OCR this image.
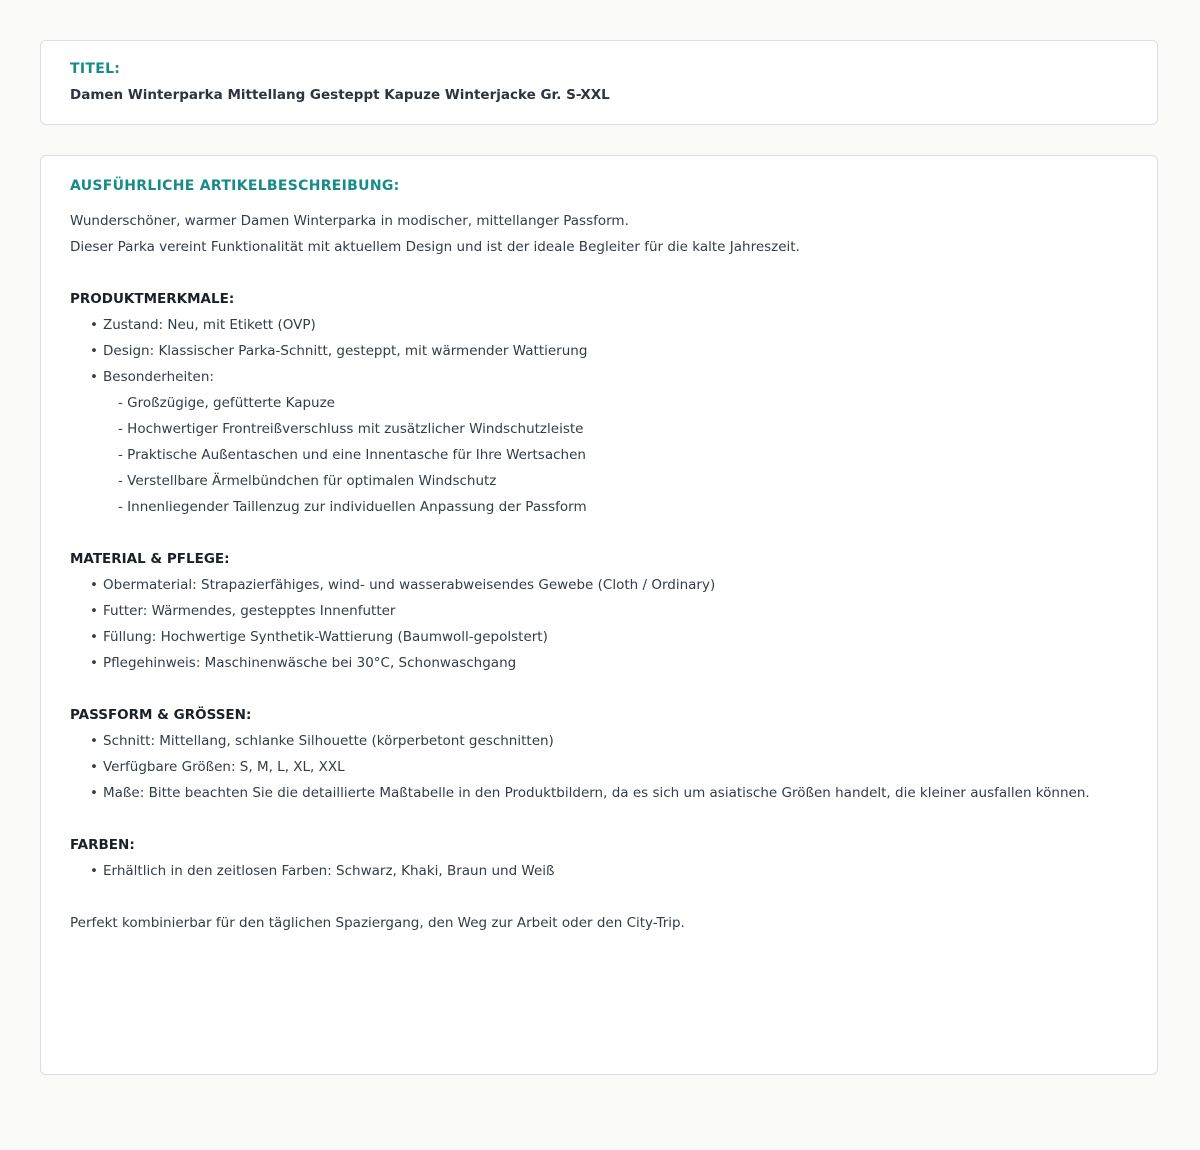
TITEL:
Damen Winterparka Mittellang Gesteppt Kapuze Winterjacke Gr. S-XXL
AUSFÜHRLICHE ARTIKELBESCHREIBUNG:
Wunderschöner, warmer Damen Winterparka in modischer, mittellanger Passform.
Dieser Parka vereint Funktionalität mit aktuellem Design und ist der ideale Begleiter für die kalte Jahreszeit.
PRODUKTMERKMALE:
• Zustand: Neu, mit Etikett (OVP)
• Design: Klassischer Parka-Schnitt, gesteppt, mit wärmender Wattierung
• Besonderheiten:
- Großzügige, gefütterte Kapuze
- Hochwertiger Frontreißverschluss mit zusätzlicher Windschutzleiste
- Praktische Außentaschen und eine Innentasche für Ihre Wertsachen
- Verstellbare Ärmelbündchen für optimalen Windschutz
- Innenliegender Taillenzug zur individuellen Anpassung der Passform
MATERIAL & PFLEGE:
• Obermaterial: Strapazierfähiges, wind- und wasserabweisendes Gewebe (Cloth / Ordinary)
• Futter: Wärmendes, gestepptes Innenfutter
• Füllung: Hochwertige Synthetik-Wattierung (Baumwoll-gepolstert)
• Pflegehinweis: Maschinenwäsche bei 30°C, Schonwaschgang
PASSFORM & GRÖSSEN:
• Schnitt: Mittellang, schlanke Silhouette (körperbetont geschnitten)
• Verfügbare Größen: S, M, L, XL, XXL
• Maße: Bitte beachten Sie die detaillierte Maßtabelle in den Produktbildern, da es sich um asiatische Größen handelt, die kleiner ausfallen können.
FARBEN:
• Erhältlich in den zeitlosen Farben: Schwarz, Khaki, Braun und Weiß
Perfekt kombinierbar für den täglichen Spaziergang, den Weg zur Arbeit oder den City-Trip.
